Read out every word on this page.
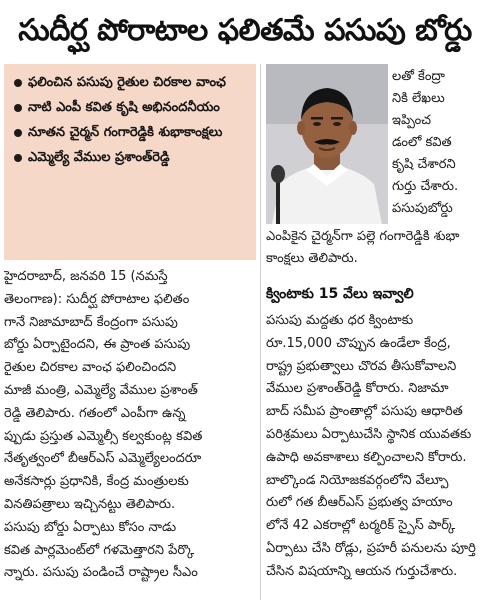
సుదీర్ఘ పోరాటాల ఫలితమే పసుపు బోర్డు
ఫలించిన పసుపు రైతుల చిరకాల వాంఛ
నాటి ఎంపీ కవిత కృషి అభినందనీయం
నూతన చైర్మన్ గంగారెడ్డికి శుభాకాంక్షలు
ఎమ్మెల్యే వేముల ప్రశాంత్‌రెడ్డి
లతో కేంద్రా
నికి లేఖలు
ఇప్పించ
డంలో కవిత
కృషి చేశారని
గుర్తు చేశారు.
పసుపుబోర్డు
ఎంపికైన చైర్మన్‌గా పల్లె గంగారెడ్డికి శుభా
కాంక్షలు తెలిపారు.
క్వింటాకు 15 వేలు ఇవ్వాలి
హైదరాబాద్, జనవరి 15 (నమస్తే
తెలంగాణ): సుదీర్ఘ పోరాటాల ఫలితం
గానే నిజామాబాద్ కేంద్రంగా పసుపు
బోర్డు ఏర్పాటైందని, ఈ ప్రాంత పసుపు
రైతుల చిరకాల వాంఛ ఫలించిందని
మాజీ మంత్రి, ఎమ్మెల్యే వేముల ప్రశాంత్
రెడ్డి తెలిపారు. గతంలో ఎంపీగా ఉన్న
ప్పుడు ప్రస్తుత ఎమ్మెల్సీ కల్వకుంట్ల కవిత
నేతృత్వంలో బీఆర్ఎస్ ఎమ్మెల్యేలందరూ
అనేకసార్లు ప్రధానికి, కేంద్ర మంత్రులకు
వినతిపత్రాలు ఇచ్చినట్టు తెలిపారు.
పసుపు బోర్డు ఏర్పాటు కోసం నాడు
కవిత పార్లమెంట్‌లో గళమెత్తారని పేర్కొ
న్నారు. పసుపు పండించే రాష్ట్రాల సీఎం
పసుపు మద్దతు ధర క్వింటాకు
రూ.15,000 చొప్పున ఉండేలా కేంద్ర,
రాష్ట్ర ప్రభుత్వాలు చొరవ తీసుకోవాలని
వేముల ప్రశాంత్‌రెడ్డి కోరారు. నిజామా
బాద్ సమీప ప్రాంతాల్లో పసుపు ఆధారిత
పరిశ్రమలు ఏర్పాటుచేసి స్థానిక యువతకు
ఉపాధి అవకాశాలు కల్పించాలని కోరారు.
బాల్కొండ నియోజకవర్గంలోని వేల్పూ
రులో గత బీఆర్ఎస్ ప్రభుత్వ హయాం
లోనే 42 ఎకరాల్లో టర్మరిక్ స్పైస్ పార్క్
ఏర్పాటు చేసి రోడ్లు, ప్రహరీ పనులను పూర్తి
చేసిన విషయాన్ని ఆయన గుర్తుచేశారు.
